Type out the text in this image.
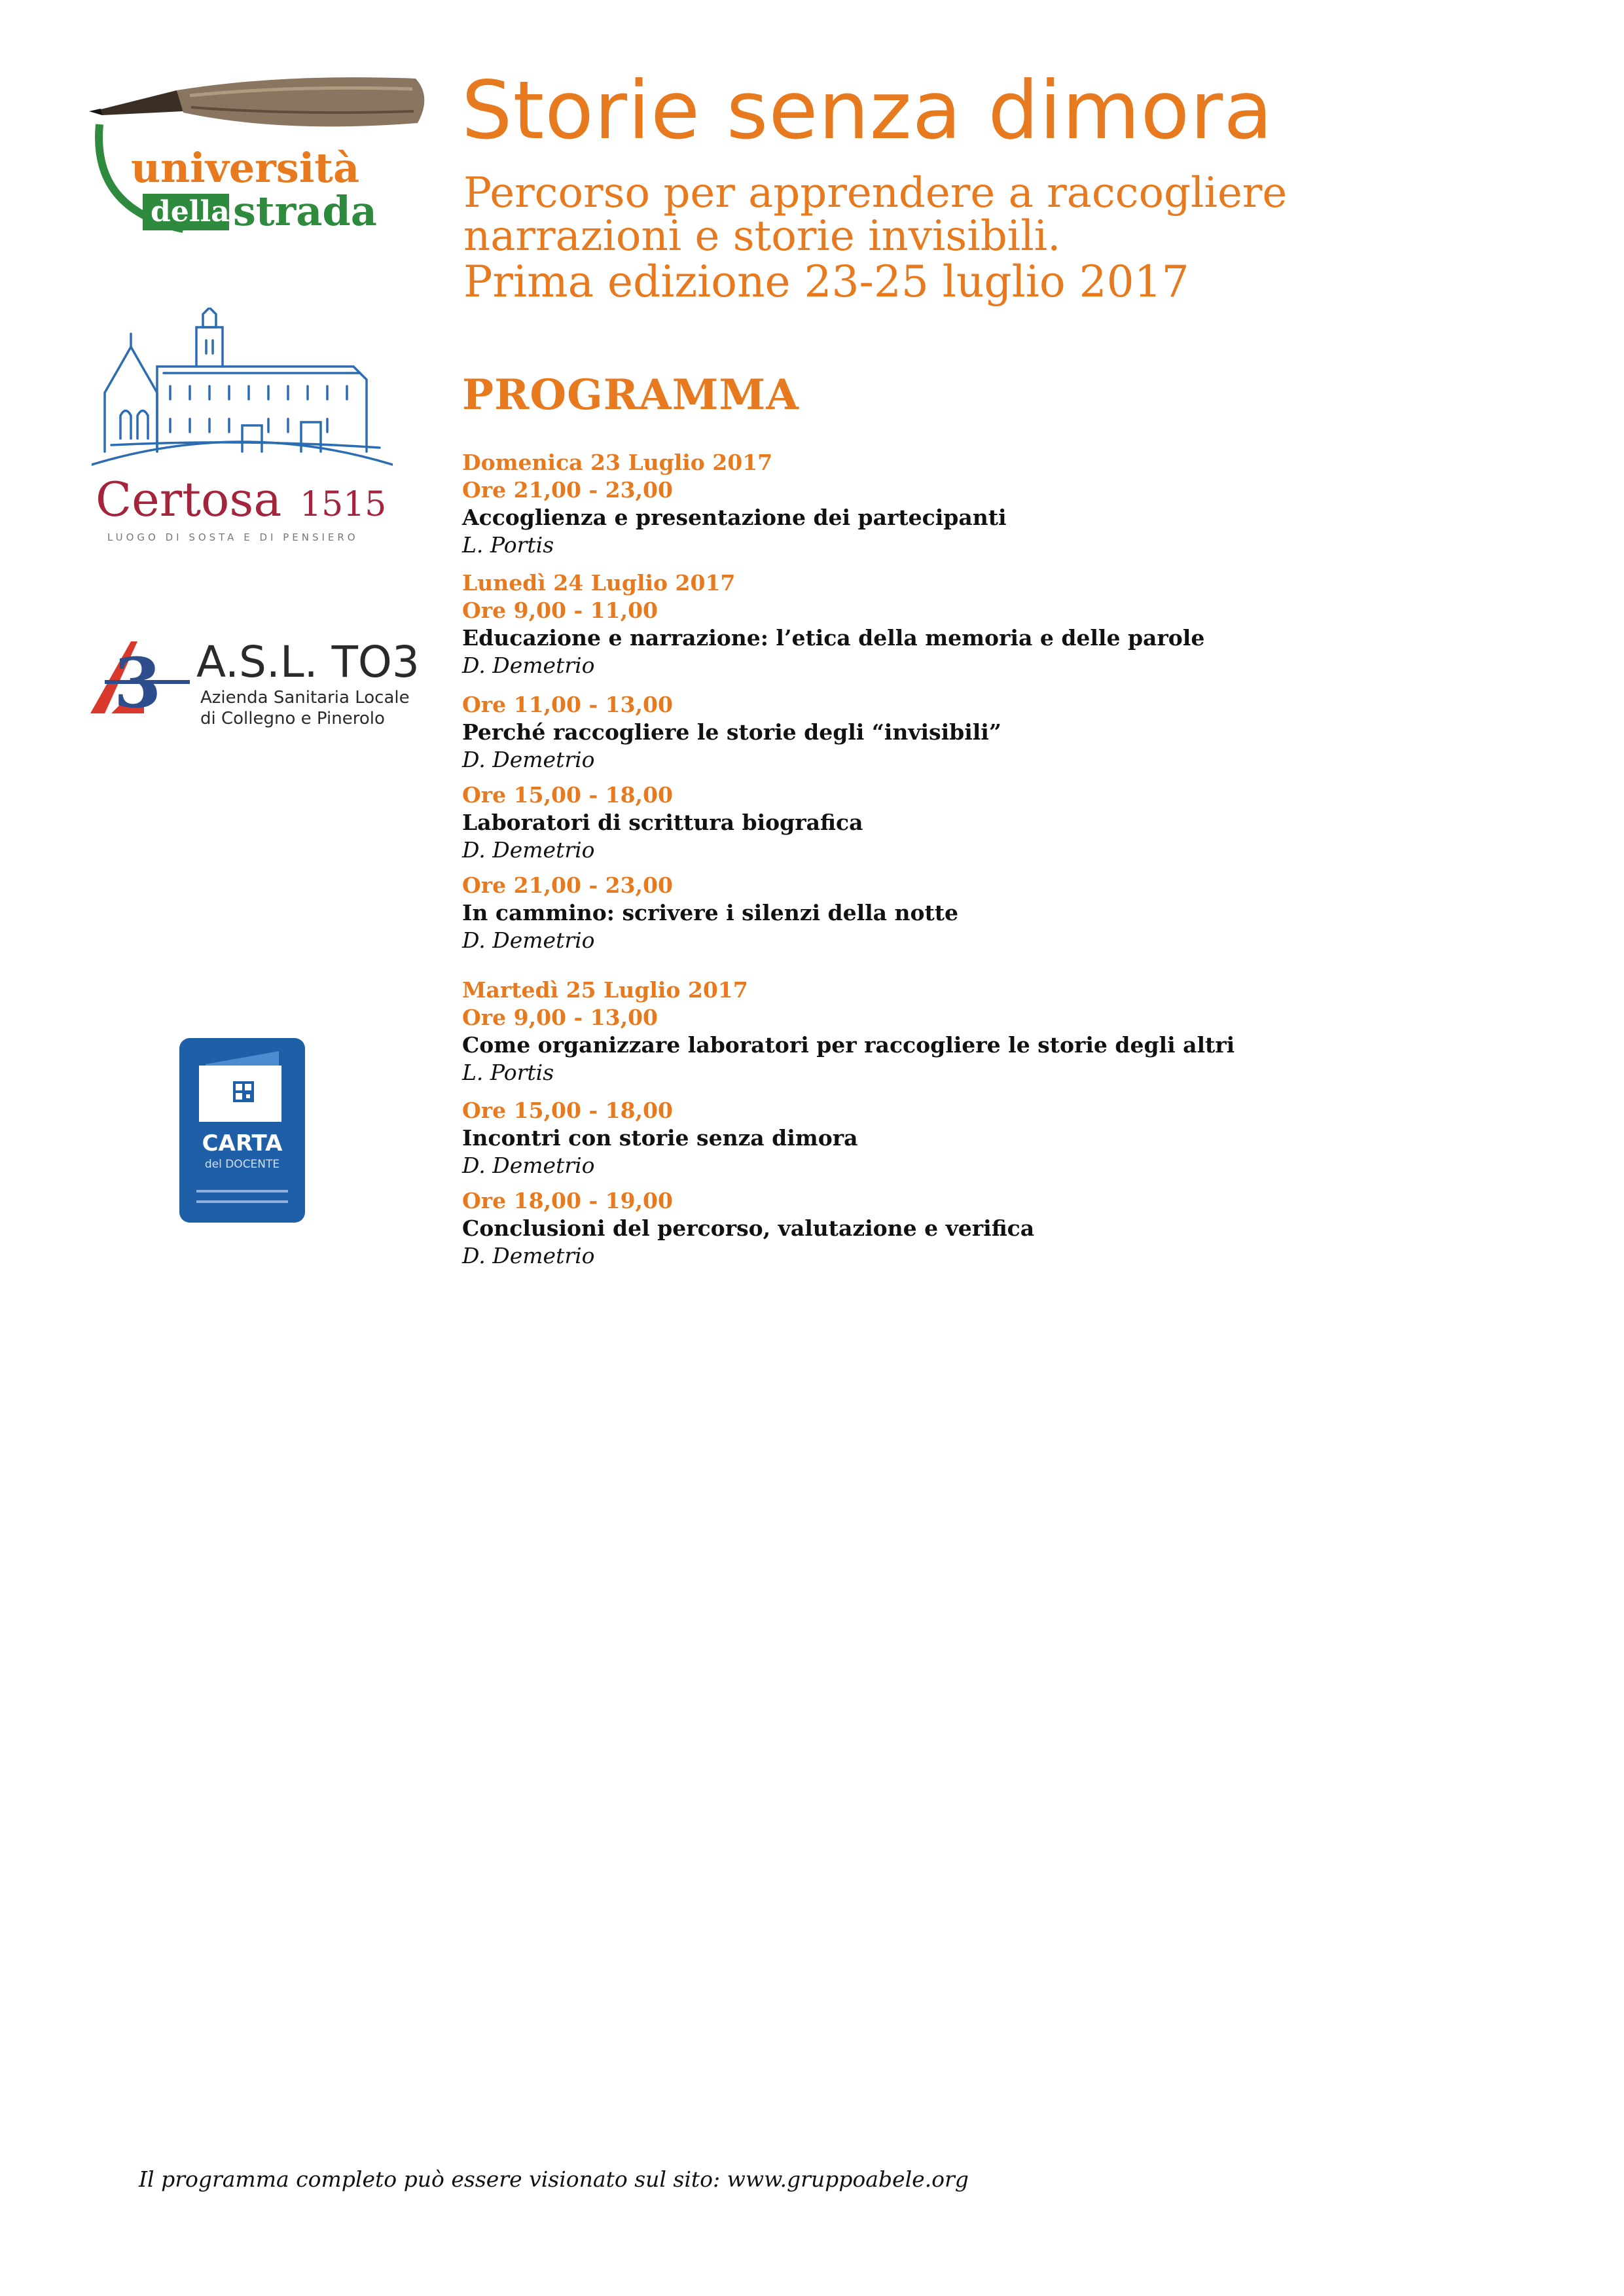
università
della strada
Certosa 1515
LUOGO DI SOSTA E DI PENSIERO
3 A.S.L. TO3
Azienda Sanitaria Locale
di Collegno e Pinerolo
CARTA
del DOCENTE
Storie senza dimora

Percorso per apprendere a raccogliere
narrazioni e storie invisibili.

Prima edizione 23-25 luglio 2017

PROGRAMMA

Domenica 23 Luglio 2017

Ore 21,00 - 23,00

Accoglienza e presentazione dei partecipanti

L. Portis

Lunedì 24 Luglio 2017

Ore 9,00 - 11,00

Educazione e narrazione: l’etica della memoria e delle parole

D. Demetrio

Ore 11,00 - 13,00

Perché raccogliere le storie degli “invisibili”

D. Demetrio

Ore 15,00 - 18,00

Laboratori di scrittura biografica

D. Demetrio

Ore 21,00 - 23,00

In cammino: scrivere i silenzi della notte

D. Demetrio

Martedì 25 Luglio 2017

Ore 9,00 - 13,00

Come organizzare laboratori per raccogliere le storie degli altri

L. Portis

Ore 15,00 - 18,00

Incontri con storie senza dimora

D. Demetrio

Ore 18,00 - 19,00

Conclusioni del percorso, valutazione e verifica

D. Demetrio

Il programma completo può essere visionato sul sito: www.gruppoabele.org
